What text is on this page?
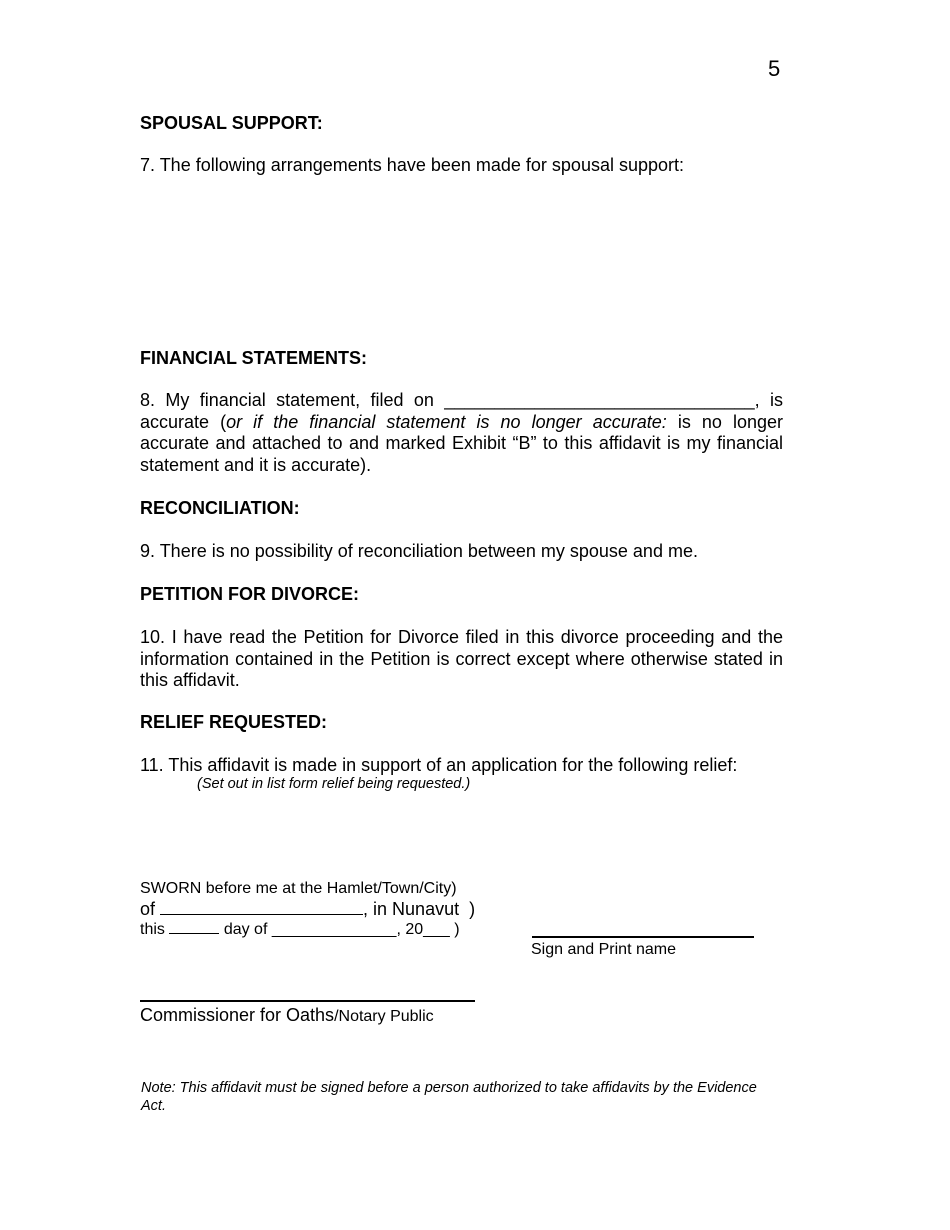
5
SPOUSAL SUPPORT:
7. The following arrangements have been made for spousal support:
FINANCIAL STATEMENTS:
8. My financial statement, filed on _______________________________, is accurate (or if the financial statement is no longer accurate: is no longer accurate and attached to and marked Exhibit “B” to this affidavit is my financial statement and it is accurate).
RECONCILIATION:
9. There is no possibility of reconciliation between my spouse and me.
PETITION FOR DIVORCE:
10. I have read the Petition for Divorce filed in this divorce proceeding and the information contained in the Petition is correct except where otherwise stated in this affidavit.
RELIEF REQUESTED:
11. This affidavit is made in support of an application for the following relief:
(Set out in list form relief being requested.)
SWORN before me at the Hamlet/Town/City)
of	, in Nunavut )
this	day of ______________, 20___ )
Sign and Print name
Commissioner for Oaths/Notary Public
Note: This affidavit must be signed before a person authorized to take affidavits by the Evidence Act.
